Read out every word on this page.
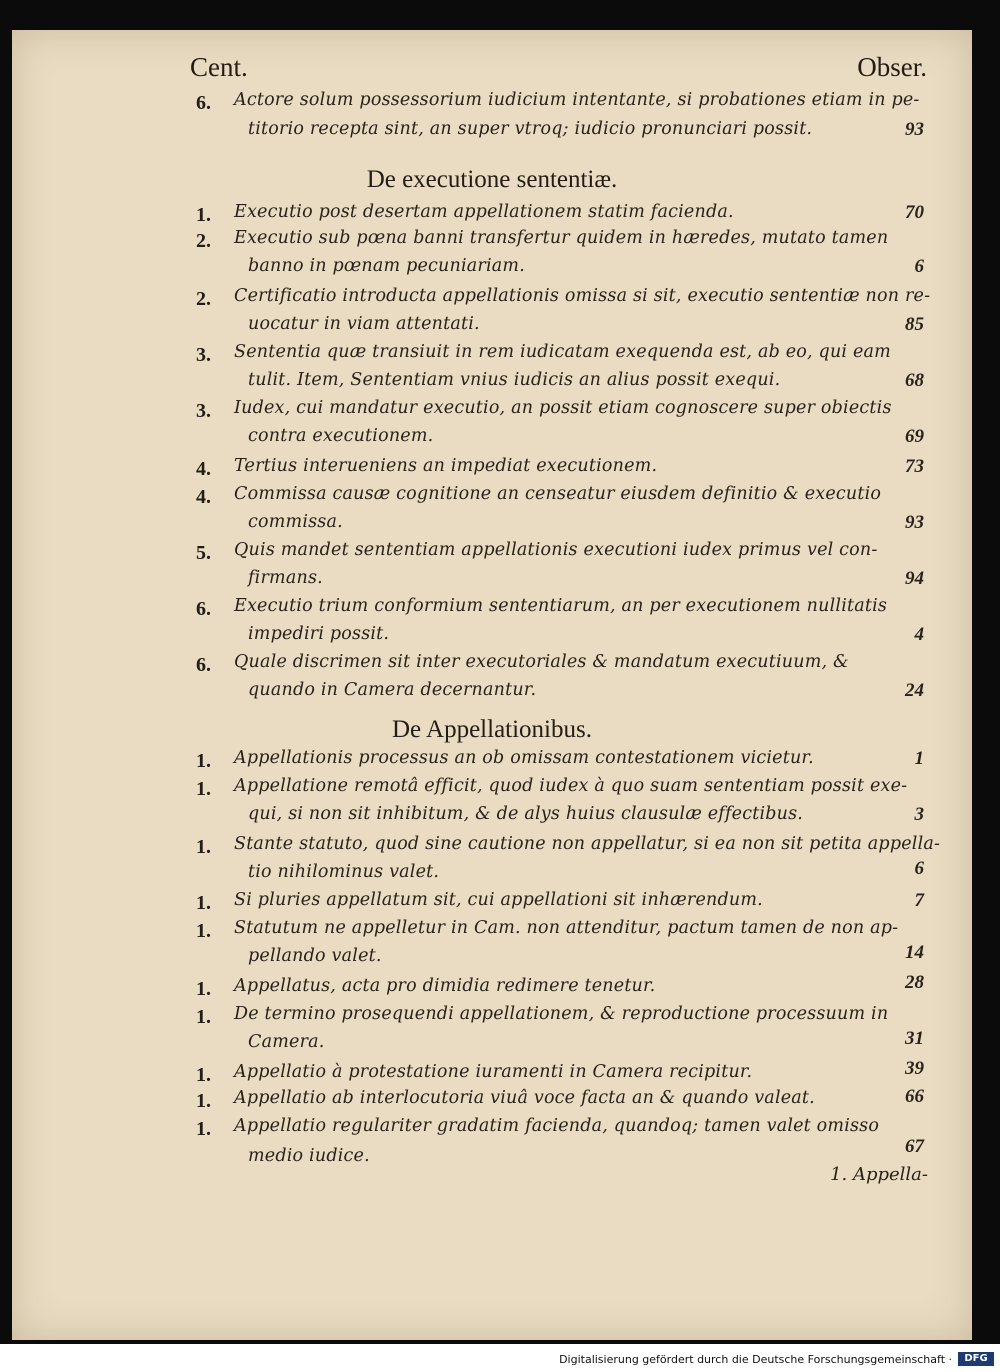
Cent.	Obser.
6.	Actore solum possessorium iudicium intentante, si probationes etiam in pe-
titorio recepta sint, an super vtroq; iudicio pronunciari possit.	93
De executione sententiæ.
1.	Executio post desertam appellationem statim facienda.	70
2.	Executio sub pœna banni transfertur quidem in hæredes, mutato tamen
banno in pœnam pecuniariam.	6
2.	Certificatio introducta appellationis omissa si sit, executio sententiæ non re-
uocatur in viam attentati.	85
3.	Sententia quæ transiuit in rem iudicatam exequenda est, ab eo, qui eam
tulit. Item, Sententiam vnius iudicis an alius possit exequi.	68
3.	Iudex, cui mandatur executio, an possit etiam cognoscere super obiectis
contra executionem.	69
4.	Tertius interueniens an impediat executionem.	73
4.	Commissa causæ cognitione an censeatur eiusdem definitio & executio
commissa.	93
5.	Quis mandet sententiam appellationis executioni iudex primus vel con-
firmans.	94
6.	Executio trium conformium sententiarum, an per executionem nullitatis
impediri possit.	4
6.	Quale discrimen sit inter executoriales & mandatum executiuum, &
quando in Camera decernantur.	24
De Appellationibus.
1.	Appellationis processus an ob omissam contestationem vicietur.	1
1.	Appellatione remotâ efficit, quod iudex à quo suam sententiam possit exe-
qui, si non sit inhibitum, & de alys huius clausulæ effectibus.	3
1.	Stante statuto, quod sine cautione non appellatur, si ea non sit petita appella-
tio nihilominus valet.	6
1.	Si pluries appellatum sit, cui appellationi sit inhærendum.	7
1.	Statutum ne appelletur in Cam. non attenditur, pactum tamen de non ap-
pellando valet.	14
1.	Appellatus, acta pro dimidia redimere tenetur.	28
1.	De termino prosequendi appellationem, & reproductione processuum in
Camera.	31
1.	Appellatio à protestatione iuramenti in Camera recipitur.	39
1.	Appellatio ab interlocutoria viuâ voce facta an & quando valeat.	66
1.	Appellatio regulariter gradatim facienda, quandoq; tamen valet omisso
medio iudice.	67
1. Appella-
Digitalisierung gefördert durch die Deutsche Forschungsgemeinschaft ·	DFG
